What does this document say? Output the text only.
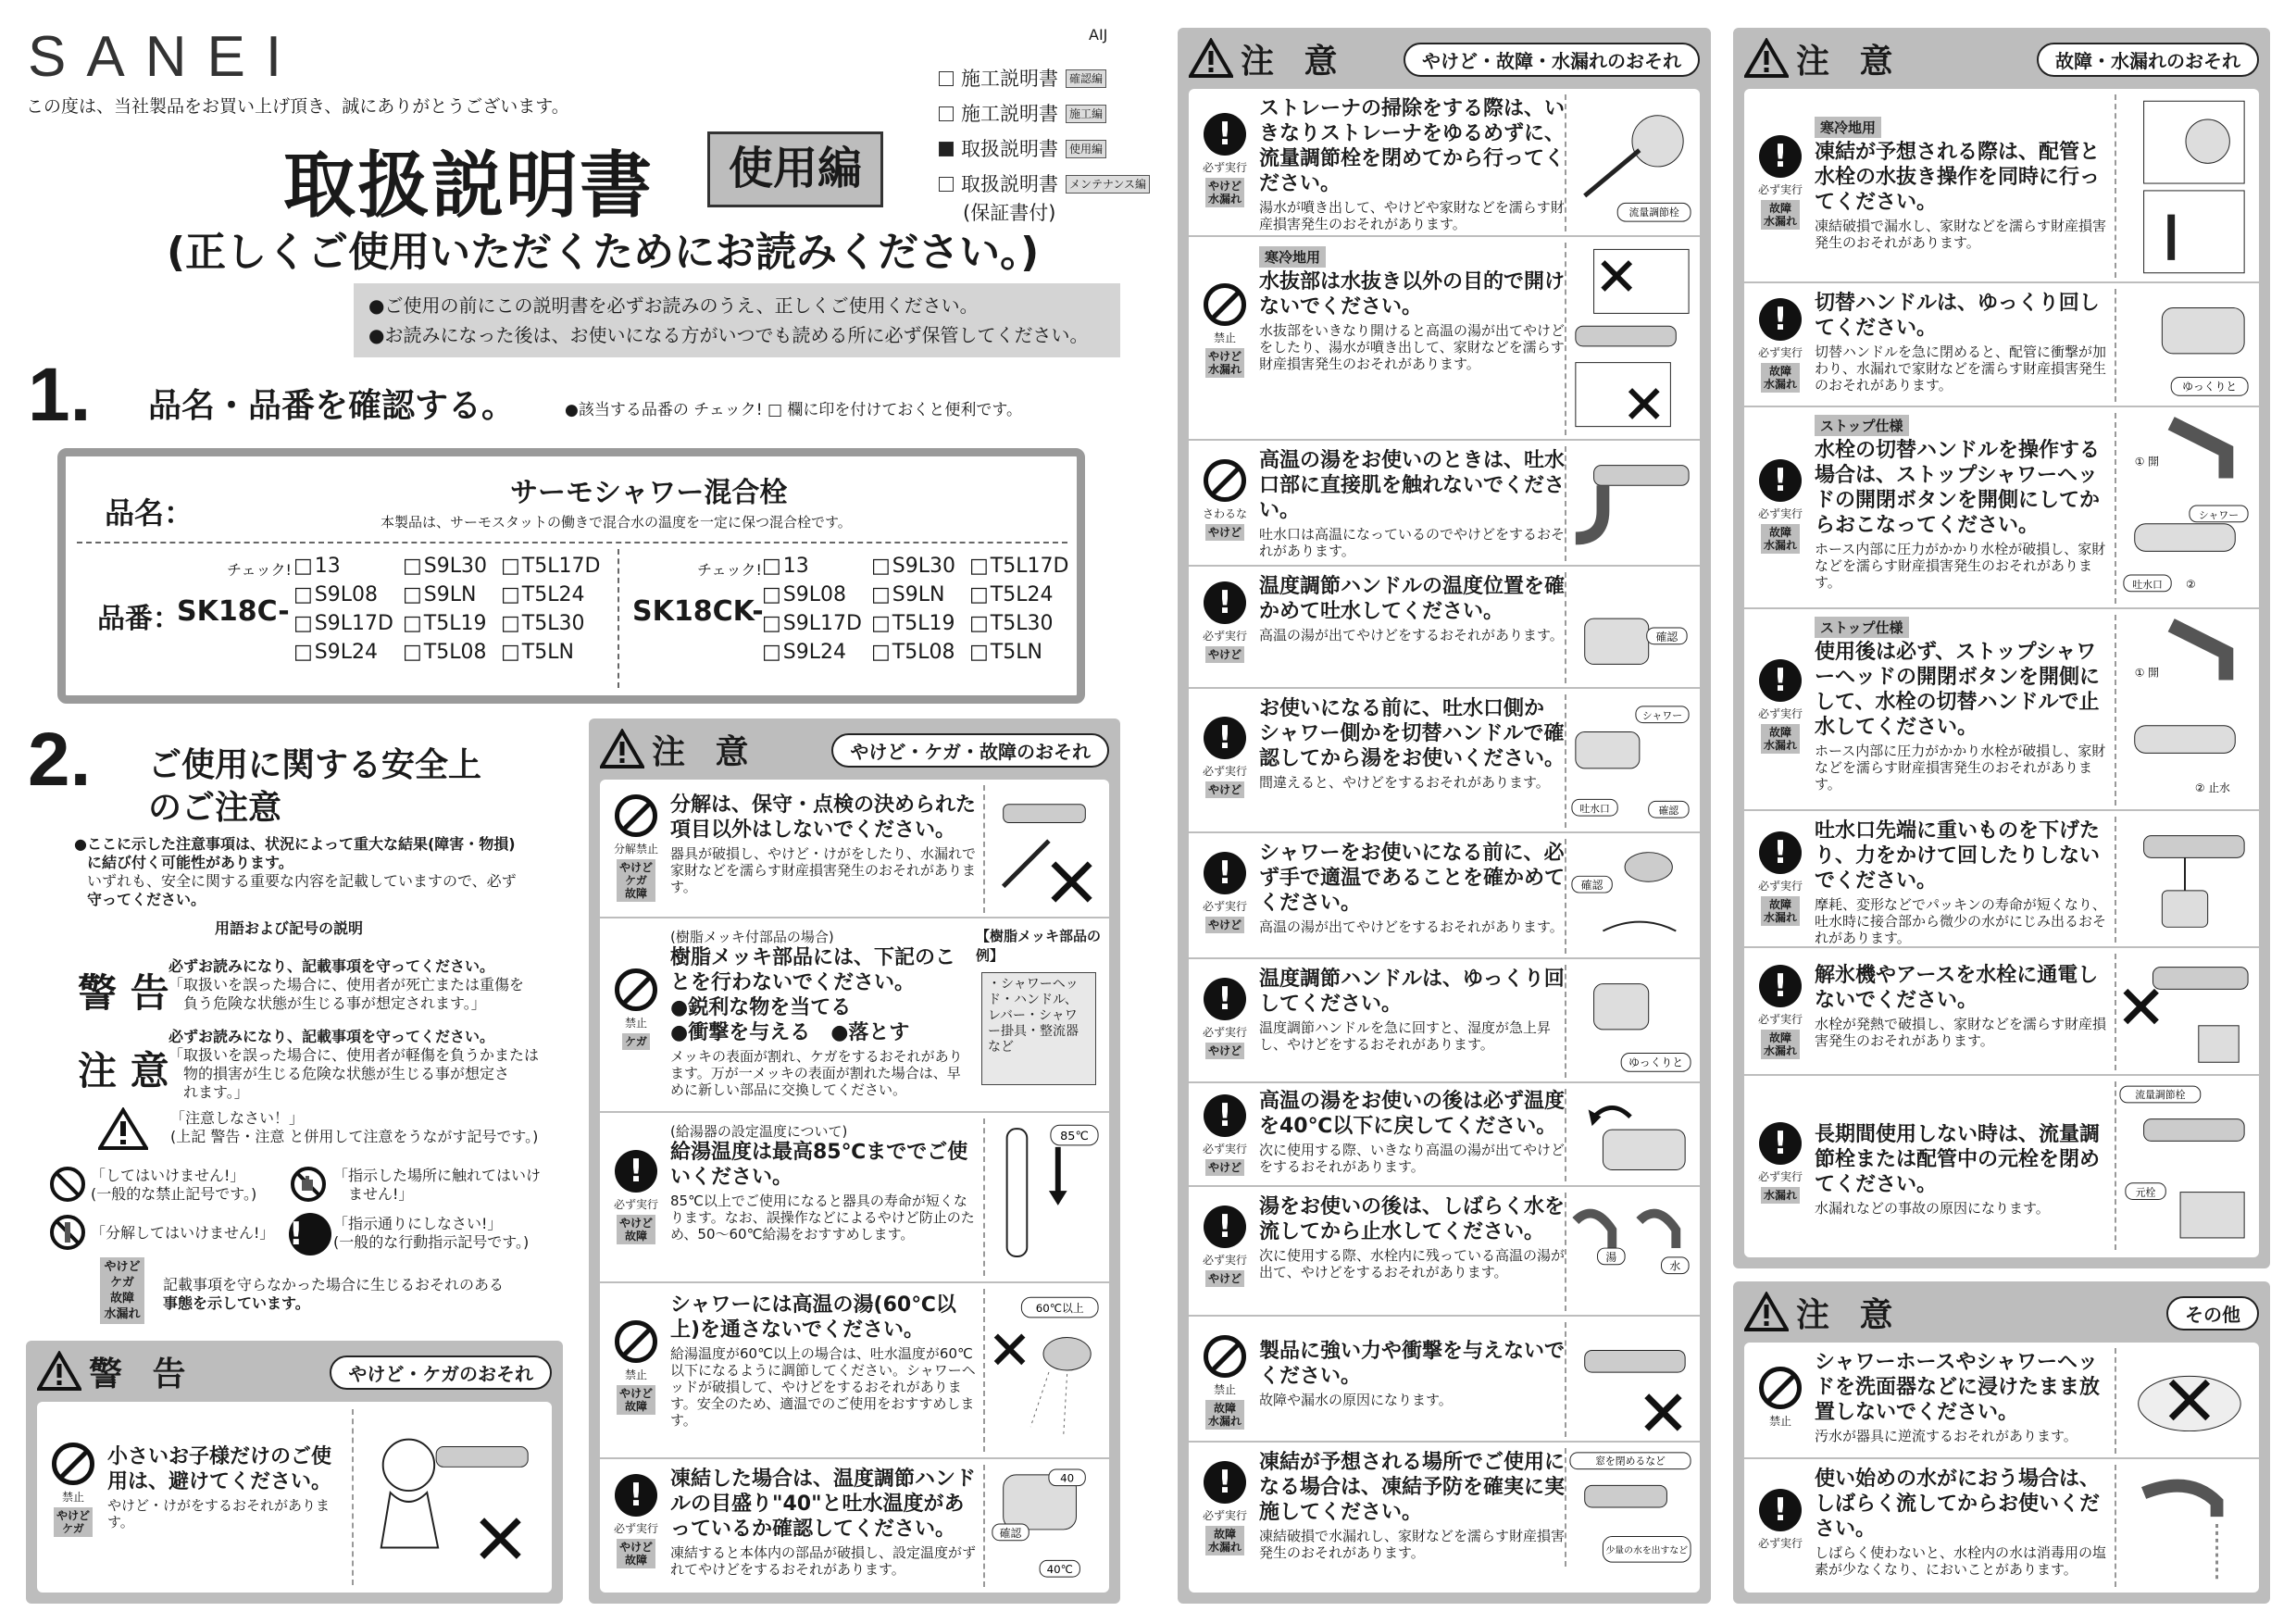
SANEI	AIJ
この度は、当社製品をお買い上げ頂き、誠にありがとうございます。
取扱説明書	使用編
(正しくご使用いただくためにお読みください。)
施工説明書	確認編
施工説明書	施工編
取扱説明書	使用編
取扱説明書	メンテナンス編
(保証書付)
●ご使用の前にこの説明書を必ずお読みのうえ、正しくご使用ください。
●お読みになった後は、お使いになる方がいつでも読める所に必ず保管してください。
1. 品名・品番を確認する。	●該当する品番の チェック! □ 欄に印を付けておくと便利です。
品名：
サーモシャワー混合栓
本製品は、サーモスタットの働きで混合水の温度を一定に保つ混合栓です。
品番：
SK18C-
チェック!	□ 13	□ S9L30	□ T5L17D
□ S9L08	□ S9LN	□ T5L24
□ S9L17D	□ T5L19	□ T5L30
□ S9L24	□ T5L08	□ T5LN
SK18CK-
チェック!	□ 13	□ S9L30	□ T5L17D
□ S9L08	□ S9LN	□ T5L24
□ S9L17D	□ T5L19	□ T5L30
□ S9L24	□ T5L08	□ T5LN
2. ご使用に関する安全上
のご注意
●ここに示した注意事項は、状況によって重大な結果(障害・物損)
に結び付く可能性があります。
いずれも、安全に関する重要な内容を記載していますので、必ず
守ってください。
用語および記号の説明
警 告
必ずお読みになり、記載事項を守ってください。
「取扱いを誤った場合に、使用者が死亡または重傷を
負う危険な状態が生じる事が想定されます。」
注 意
必ずお読みになり、記載事項を守ってください。
「取扱いを誤った場合に、使用者が軽傷を負うかまたは
物的損害が生じる危険な状態が生じる事が想定さ
れます。」
「注意しなさい！」
(上記 警告・注意 と併用して注意をうながす記号です。)
「してはいけません!」
(一般的な禁止記号です。)
「分解してはいけません!」
「指示した場所に触れてはいけ
ません!」
!	「指示通りにしなさい!」
(一般的な行動指示記号です。)
やけど
ケガ
故障
水漏れ
記載事項を守らなかった場合に生じるおそれのある
事態を示しています。
警 告	やけど・ケガのおそれ
禁止
やけど
ケガ
小さいお子様だけのご使用は、避けてください。
やけど・けがをするおそれがあります。
注 意	やけど・ケガ・故障のおそれ
分解禁止
やけど
ケガ
故障
分解は、保守・点検の決められた項目以外はしないでください。
器具が破損し、やけど・けがをしたり、水漏れで家財などを濡らす財産損害発生のおそれがあります。
禁止
ケガ
(樹脂メッキ付部品の場合)
樹脂メッキ部品には、下記のことを行わないでください。
●鋭利な物を当てる
●衝撃を与える　 ●落とす
メッキの表面が割れ、ケガをするおそれがあります。万が一メッキの表面が割れた場合は、早めに新しい部品に交換してください。
【樹脂メッキ部品の例】
・シャワーヘッド・ハンドル、レバー・シャワー掛具・整流器　など
!
必ず実行
やけど
故障
(給湯器の設定温度について)
給湯温度は最高85℃まででご使いください。
85℃以上でご使用になると器具の寿命が短くなります。なお、誤操作などによるやけど防止のため、50～60℃給湯をおすすめします。
85℃
禁止
やけど
故障
シャワーには高温の湯(60℃以上)を通さないでください。
給湯温度が60℃以上の場合は、吐水温度が60℃以下になるように調節してください。シャワーヘッドが破損して、やけどをするおそれがあります。安全のため、適温でのご使用をおすすめします。
60℃以上
!
必ず実行
やけど
故障
凍結した場合は、温度調節ハンドルの目盛り"40"と吐水温度があっているか確認してください。
凍結すると本体内の部品が破損し、設定温度がずれてやけどをするおそれがあります。
40
確認
40℃
注 意	やけど・故障・水漏れのおそれ
!
必ず実行
やけど
水漏れ
ストレーナの掃除をする際は、いきなりストレーナをゆるめずに、流量調節栓を閉めてから行ってください。
湯水が噴き出して、やけどや家財などを濡らす財産損害発生のおそれがあります。
流量調節栓
禁止
やけど
水漏れ
寒冷地用
水抜部は水抜き以外の目的で開けないでください。
水抜部をいきなり開けると高温の湯が出てやけどをしたり、湯水が噴き出して、家財などを濡らす財産損害発生のおそれがあります。
さわるな
やけど
高温の湯をお使いのときは、吐水口部に直接肌を触れないでください。
吐水口は高温になっているのでやけどをするおそれがあります。
!
必ず実行
やけど
温度調節ハンドルの温度位置を確かめて吐水してください。
高温の湯が出てやけどをするおそれがあります。	確認
!
必ず実行
やけど
お使いになる前に、吐水口側かシャワー側かを切替ハンドルで確認してから湯をお使いください。
間違えると、やけどをするおそれがあります。
シャワー
吐水口	確認
!
必ず実行
やけど
シャワーをお使いになる前に、必ず手で適温であることを確かめてください。
高温の湯が出てやけどをするおそれがあります。
確認
!
必ず実行
やけど
温度調節ハンドルは、ゆっくり回してください。
温度調節ハンドルを急に回すと、湿度が急上昇し、やけどをするおそれがあります。
ゆっくりと
!
必ず実行
やけど
高温の湯をお使いの後は必ず温度を40℃以下に戻してください。
次に使用する際、いきなり高温の湯が出てやけどをするおそれがあります。
!
必ず実行
やけど
湯をお使いの後は、しばらく水を流してから止水してください。
次に使用する際、水栓内に残っている高温の湯が出て、やけどをするおそれがあります。
湯
水
禁止
故障
水漏れ
製品に強い力や衝撃を与えないでください。
故障や漏水の原因になります。
!
必ず実行
故障
水漏れ
凍結が予想される場所でご使用になる場合は、凍結予防を確実に実施してください。
凍結破損で水漏れし、家財などを濡らす財産損害発生のおそれがあります。
窓を閉めるなど
少量の水を出すなど
注 意	故障・水漏れのおそれ
!
必ず実行
故障
水漏れ
寒冷地用
凍結が予想される際は、配管と水栓の水抜き操作を同時に行ってください。
凍結破損で漏水し、家財などを濡らす財産損害発生のおそれがあります。
!
必ず実行
故障
水漏れ
切替ハンドルは、ゆっくり回してください。
切替ハンドルを急に閉めると、配管に衝撃が加わり、水漏れで家財などを濡らす財産損害発生のおそれがあります。	ゆっくりと
!
必ず実行
故障
水漏れ
ストップ仕様
水栓の切替ハンドルを操作する場合は、ストップシャワーヘッドの開閉ボタンを開側にしてからおこなってください。
ホース内部に圧力がかかり水栓が破損し、家財などを濡らす財産損害発生のおそれがあります。
① 開
シャワー
吐水口 ②
!
必ず実行
故障
水漏れ
ストップ仕様
使用後は必ず、ストップシャワーヘッドの開閉ボタンを開側にして、水栓の切替ハンドルで止水してください。
ホース内部に圧力がかかり水栓が破損し、家財などを濡らす財産損害発生のおそれがあります。
① 開
② 止水
!
必ず実行
故障
水漏れ
吐水口先端に重いものを下げたり、力をかけて回したりしないでください。
摩耗、変形などでパッキンの寿命が短くなり、吐水時に接合部から微少の水がにじみ出るおそれがあります。
!
必ず実行
故障
水漏れ
解氷機やアースを水栓に通電しないでください。
水栓が発熱で破損し、家財などを濡らす財産損害発生のおそれがあります。
!
必ず実行
水漏れ
長期間使用しない時は、流量調節栓または配管中の元栓を閉めてください。
水漏れなどの事故の原因になります。
流量調節栓
元栓
注 意	その他
禁止
シャワーホースやシャワーヘッドを洗面器などに浸けたまま放置しないでください。
汚水が器具に逆流するおそれがあります。
!
必ず実行
使い始めの水がにおう場合は、しばらく流してからお使いください。
しばらく使わないと、水栓内の水は消毒用の塩素が少なくなり、においことがあります。
